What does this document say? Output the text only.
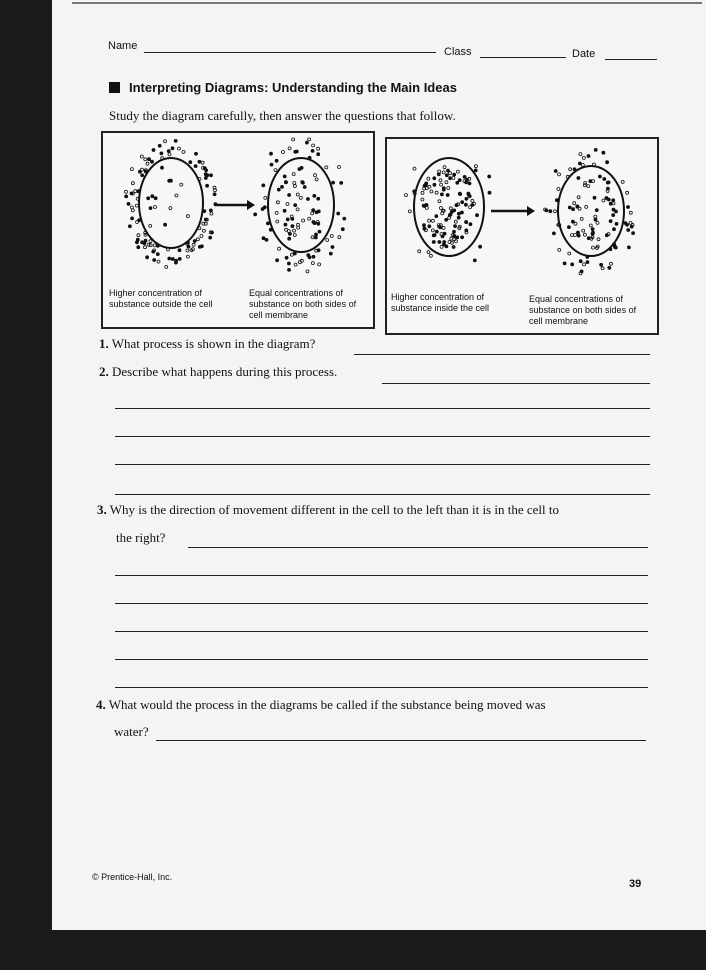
Name	Class	Date
Interpreting Diagrams: Understanding the Main Ideas
Study the diagram carefully, then answer the questions that follow.
Higher concentration of substance outside the cell
Equal concentrations of substance on both sides of cell membrane
Higher concentration of substance inside the cell
Equal concentrations of substance on both sides of cell membrane
1. What process is shown in the diagram?
2. Describe what happens during this process.
3. Why is the direction of movement different in the cell to the left than it is in the cell to
the right?
4. What would the process in the diagrams be called if the substance being moved was
water?
© Prentice-Hall, Inc.
39
